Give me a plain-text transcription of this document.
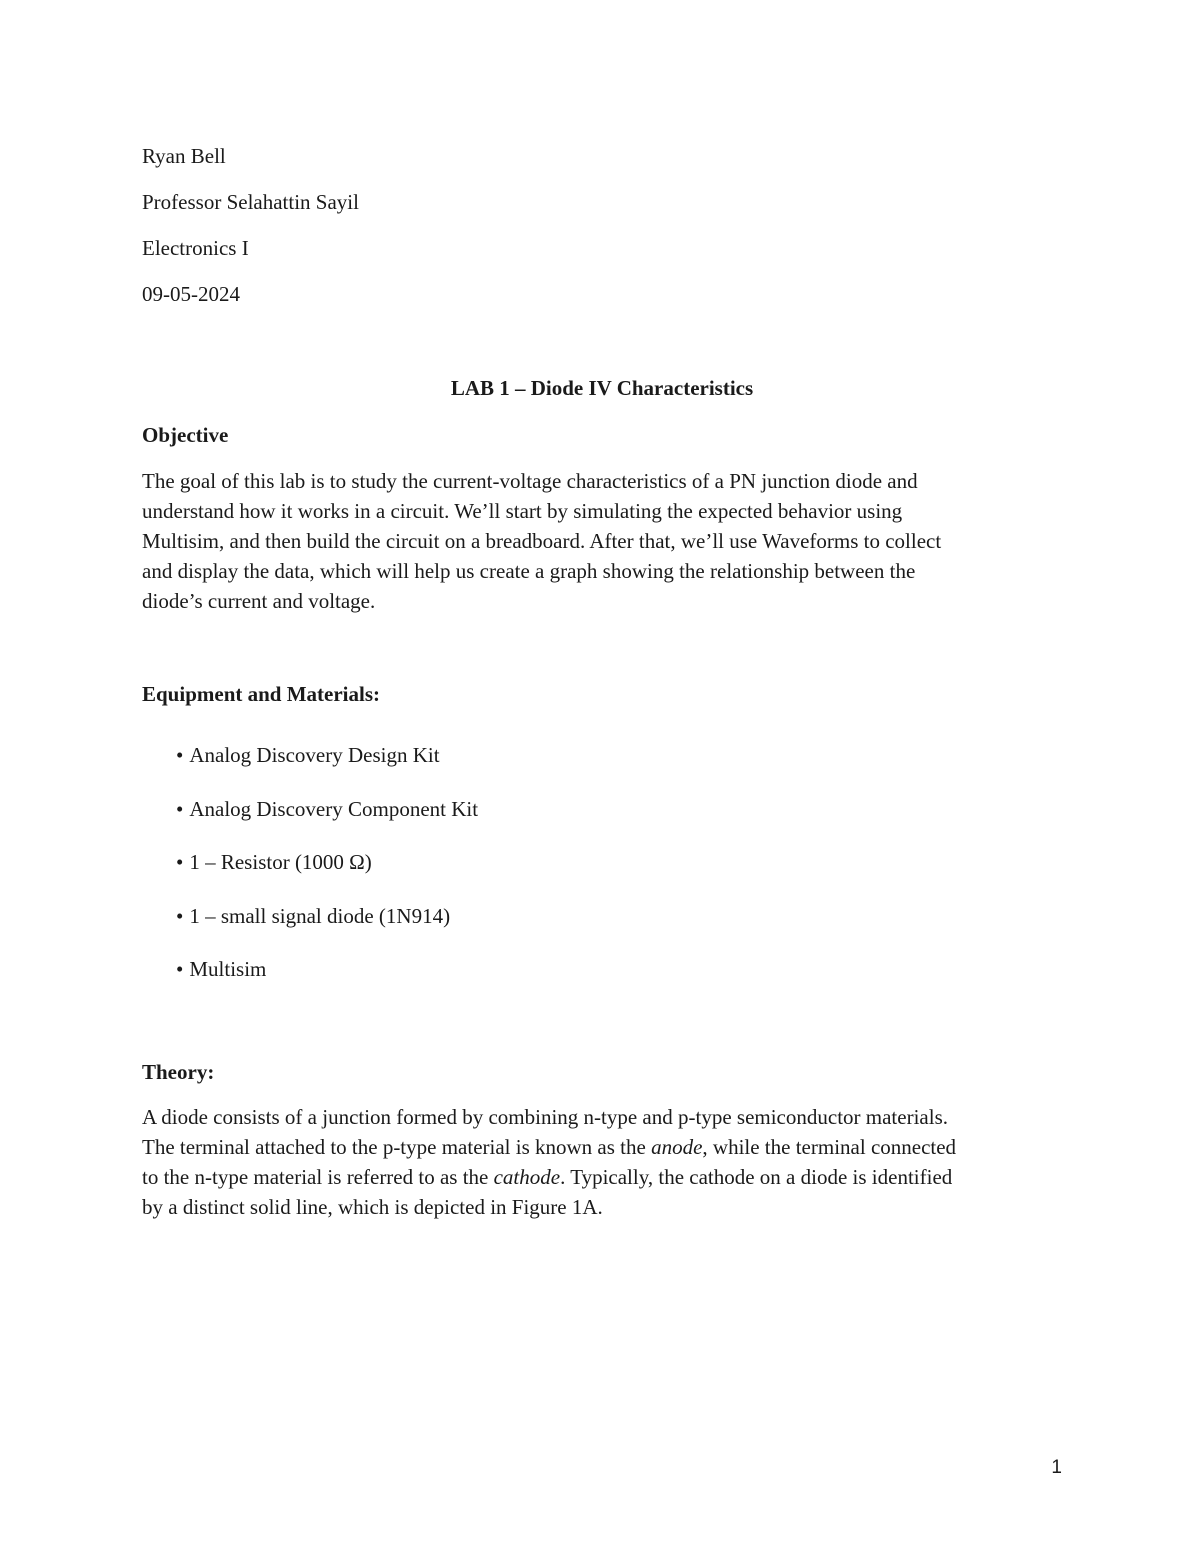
Ryan Bell
Professor Selahattin Sayil
Electronics I
09-05-2024
LAB 1 – Diode IV Characteristics
Objective
The goal of this lab is to study the current-voltage characteristics of a PN junction diode and
understand how it works in a circuit. We’ll start by simulating the expected behavior using
Multisim, and then build the circuit on a breadboard. After that, we’ll use Waveforms to collect
and display the data, which will help us create a graph showing the relationship between the
diode’s current and voltage.
Equipment and Materials:
• Analog Discovery Design Kit
• Analog Discovery Component Kit
• 1 – Resistor (1000 Ω)
• 1 – small signal diode (1N914)
• Multisim
Theory:
A diode consists of a junction formed by combining n-type and p-type semiconductor materials.
The terminal attached to the p-type material is known as the anode, while the terminal connected
to the n-type material is referred to as the cathode. Typically, the cathode on a diode is identified
by a distinct solid line, which is depicted in Figure 1A.
1
